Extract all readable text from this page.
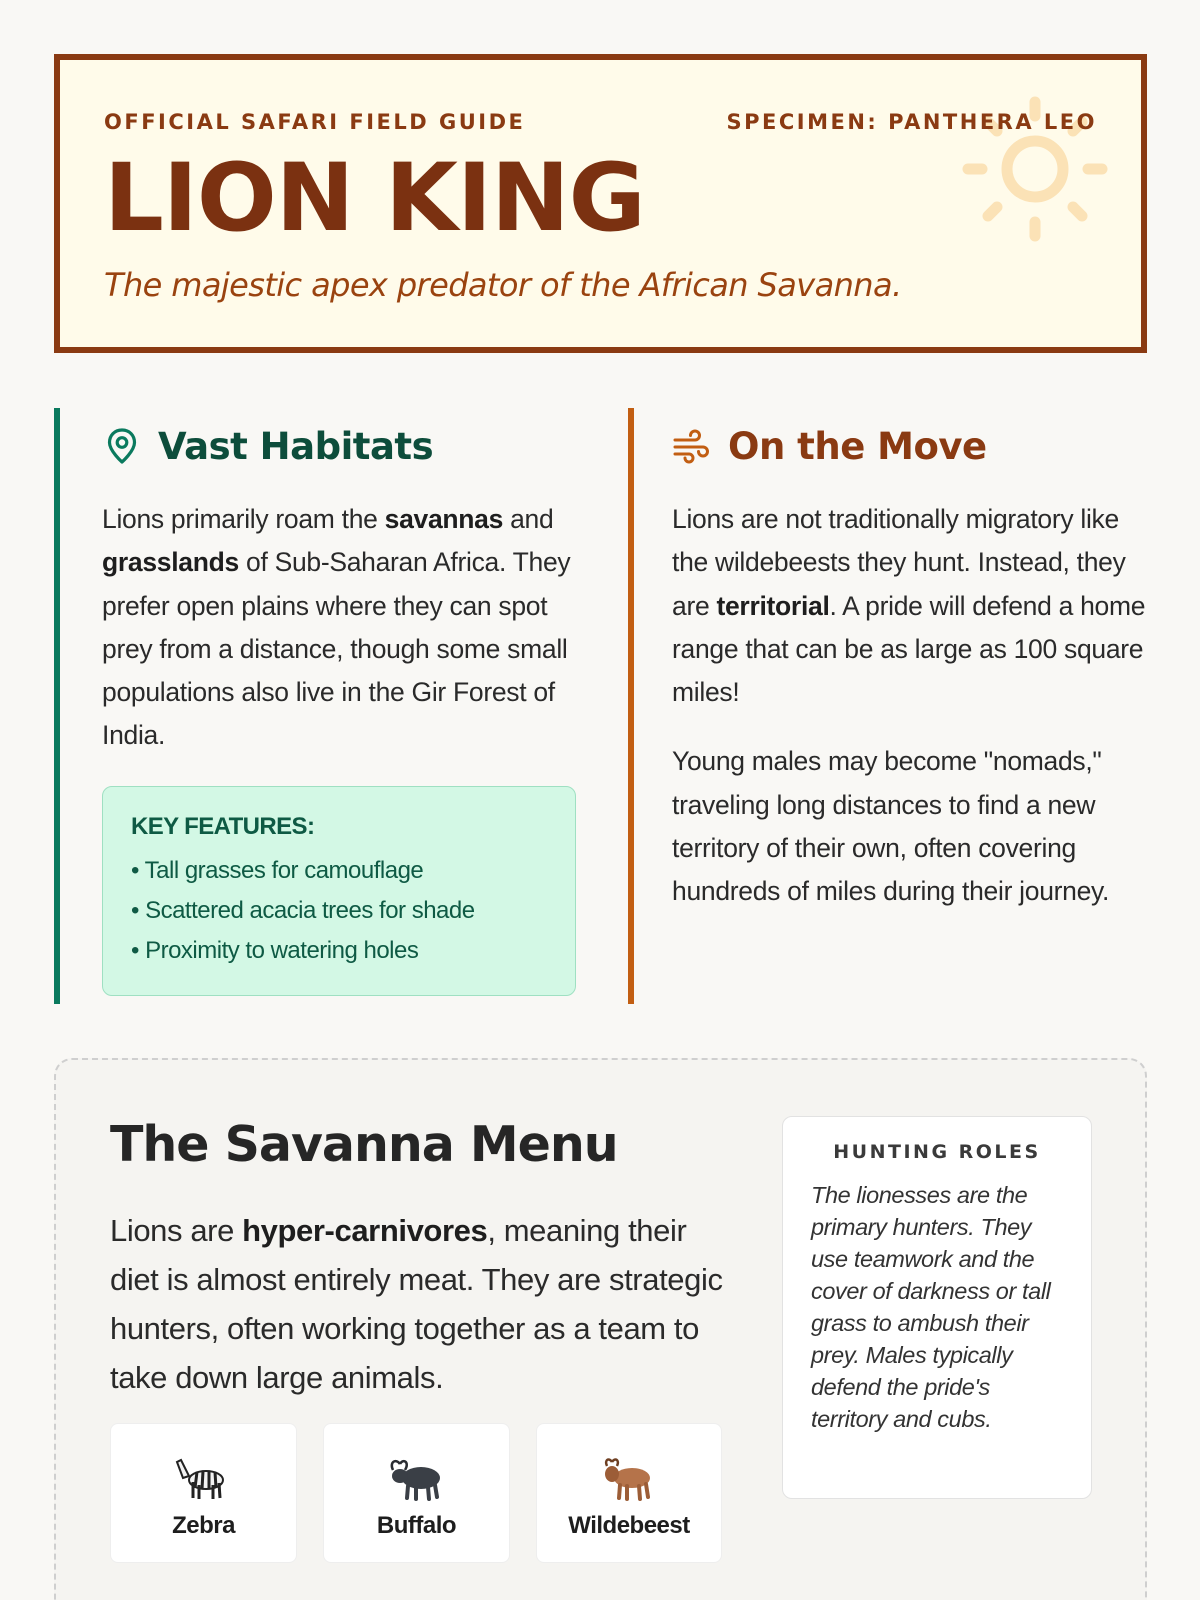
OFFICIAL SAFARI FIELD GUIDE	SPECIMEN: PANTHERA LEO
LION KING
The majestic apex predator of the African Savanna.
Vast Habitats

Lions primarily roam the savannas and grasslands of Sub-Saharan Africa. They prefer open plains where they can spot prey from a distance, though some small populations also live in the Gir Forest of India.

KEY FEATURES:
• Tall grasses for camouflage
• Scattered acacia trees for shade
• Proximity to watering holes
On the Move

Lions are not traditionally migratory like the wildebeests they hunt. Instead, they are territorial. A pride will defend a home range that can be as large as 100 square miles!

Young males may become "nomads," traveling long distances to find a new territory of their own, often covering hundreds of miles during their journey.

The Savanna Menu

Lions are hyper-carnivores, meaning their diet is almost entirely meat. They are strategic hunters, often working together as a team to take down large animals.

Zebra	Buffalo	Wildebeest
HUNTING ROLES

The lionesses are the primary hunters. They use teamwork and the cover of darkness or tall grass to ambush their prey. Males typically defend the pride's territory and cubs.
